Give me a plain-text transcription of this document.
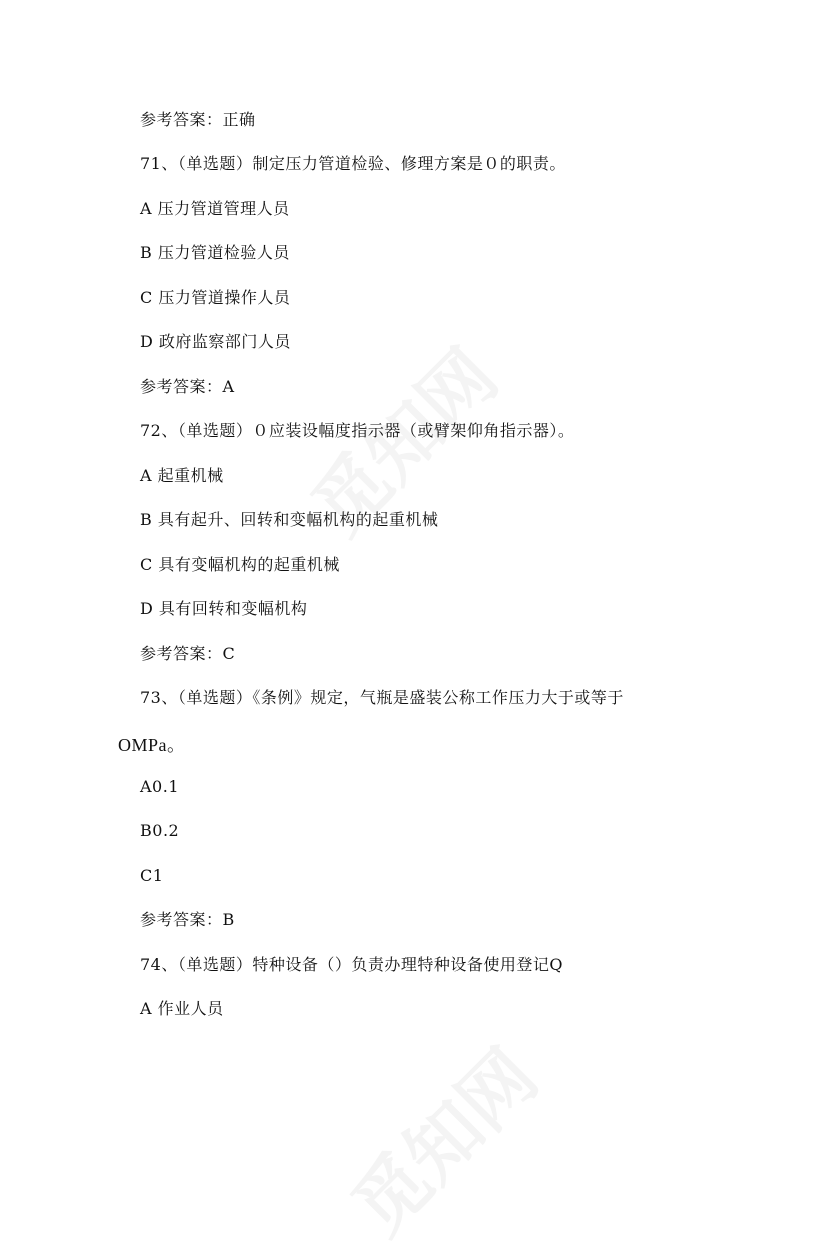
参考答案：正确
71、（单选题）制定压力管道检验、修理方案是０的职责。
A 压力管道管理人员
B 压力管道检验人员
C 压力管道操作人员
D 政府监察部门人员
参考答案：A
72、（单选题）０应装设幅度指示器（或臂架仰角指示器）。
A 起重机械
B 具有起升、回转和变幅机构的起重机械
C 具有变幅机构的起重机械
D 具有回转和变幅机构
参考答案：C
73、（单选题）《条例》规定，气瓶是盛装公称工作压力大于或等于
OMPa。
A0.1
B0.2
C1
参考答案：B
74、（单选题）特种设备（）负责办理特种设备使用登记Q
A 作业人员
